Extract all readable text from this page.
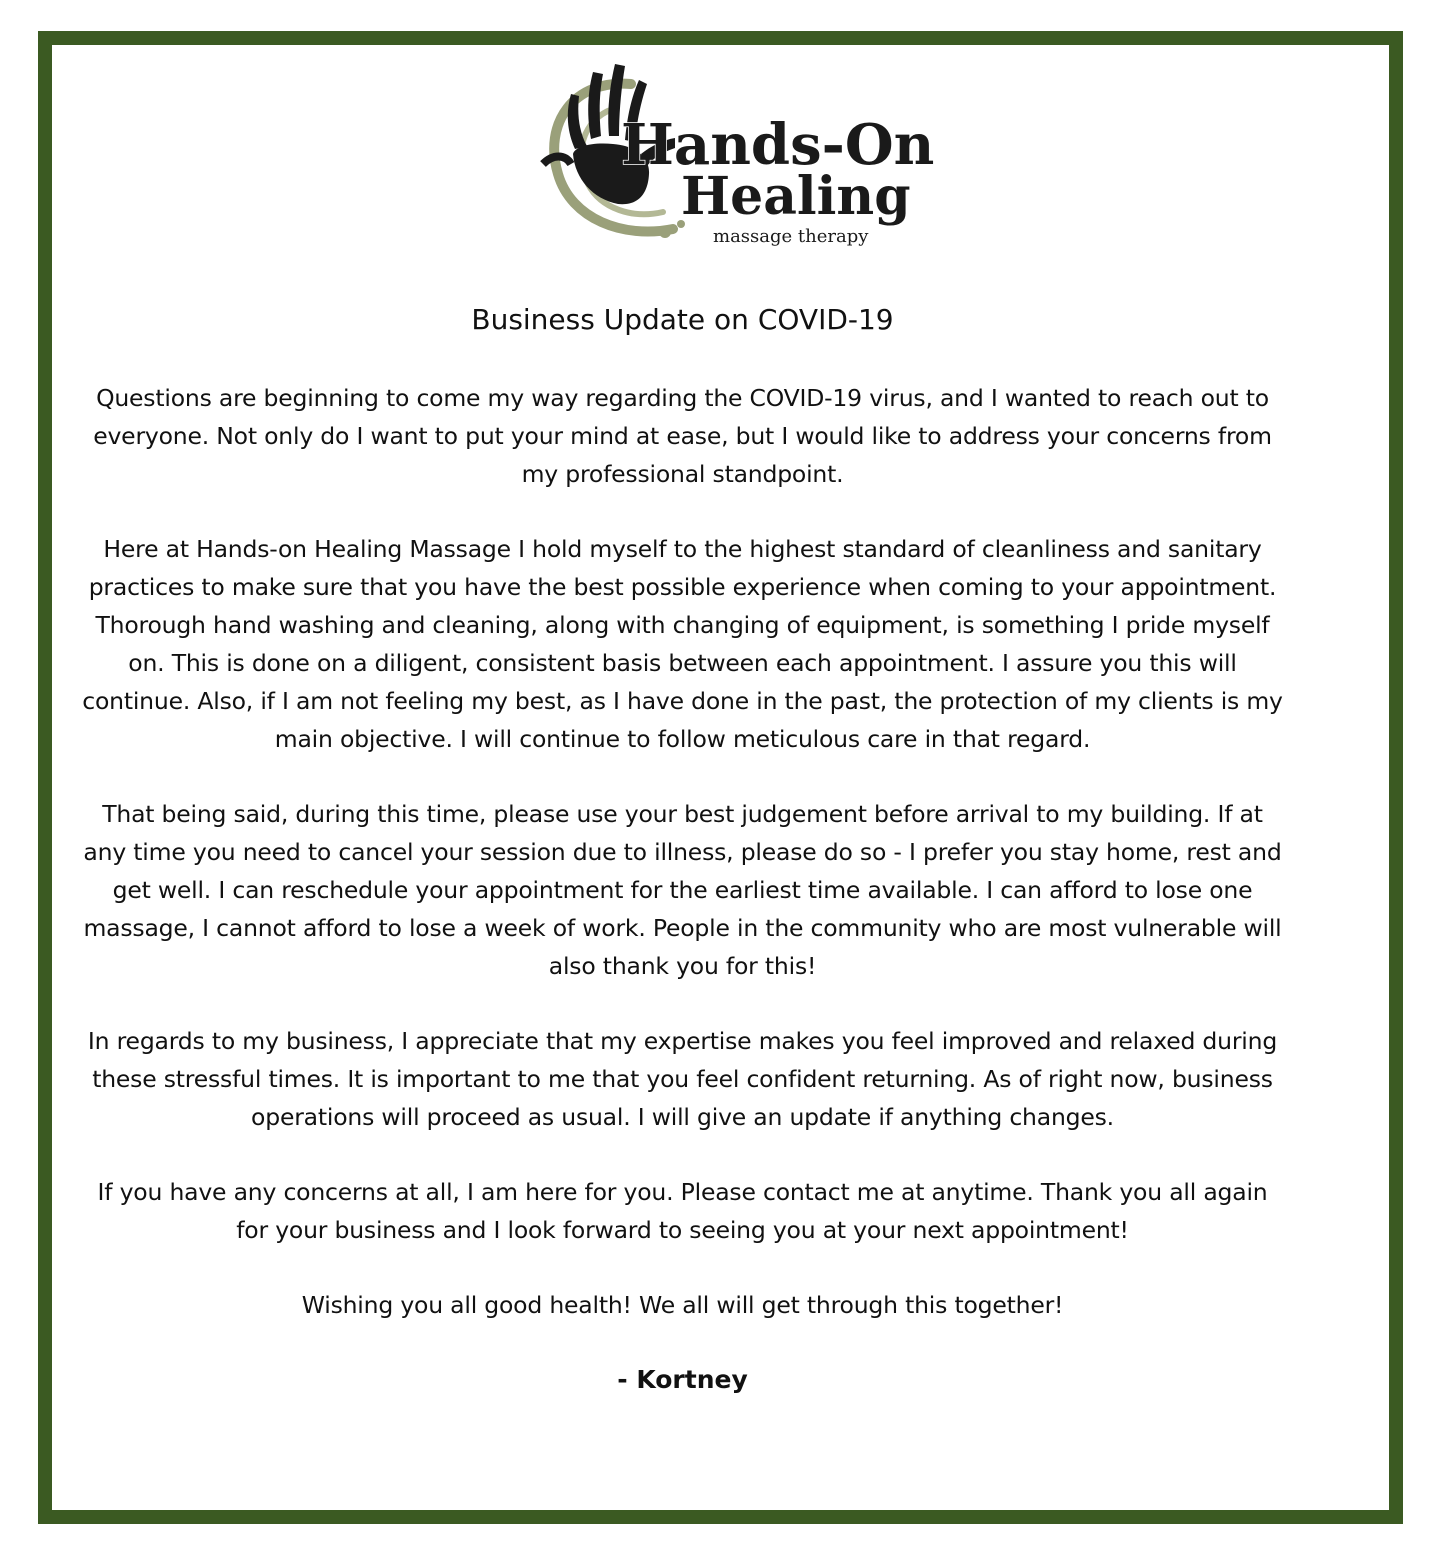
Hands-On
Healing
massage therapy
Business Update on COVID-19

Questions are beginning to come my way regarding the COVID-19 virus, and I wanted to reach out to everyone. Not only do I want to put your mind at ease, but I would like to address your concerns from my professional standpoint.

Here at Hands-on Healing Massage I hold myself to the highest standard of cleanliness and sanitary practices to make sure that you have the best possible experience when coming to your appointment. Thorough hand washing and cleaning, along with changing of equipment, is something I pride myself on. This is done on a diligent, consistent basis between each appointment. I assure you this will continue. Also, if I am not feeling my best, as I have done in the past, the protection of my clients is my main objective. I will continue to follow meticulous care in that regard.

That being said, during this time, please use your best judgement before arrival to my building. If at any time you need to cancel your session due to illness, please do so - I prefer you stay home, rest and get well. I can reschedule your appointment for the earliest time available. I can afford to lose one massage, I cannot afford to lose a week of work. People in the community who are most vulnerable will also thank you for this!

In regards to my business, I appreciate that my expertise makes you feel improved and relaxed during these stressful times. It is important to me that you feel confident returning. As of right now, business operations will proceed as usual. I will give an update if anything changes.

If you have any concerns at all, I am here for you. Please contact me at anytime. Thank you all again for your business and I look forward to seeing you at your next appointment!

Wishing you all good health! We all will get through this together!

- Kortney
